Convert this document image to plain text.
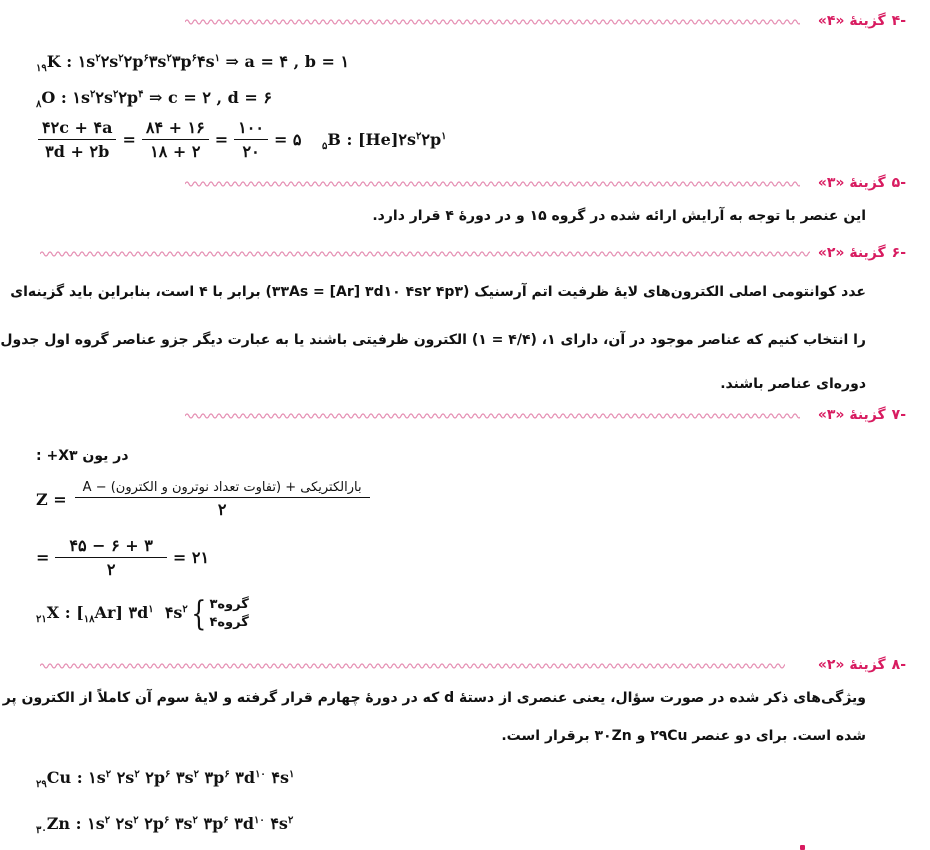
-۴
گزینهٔ «۴»
$_{۱۹}$K : $۱s^۲۲s^۲۲p^۶۳s^۲۳p^۶۴s^۱$ ⇒ a = ۴ , b = ۱
$_۸$O : $۱s^۲۲s^۲۲p^۴$ ⇒ c = ۲ , d = ۶
$\frac{۴۲c + ۴a}{۳d + ۲b} = \frac{۸۴ + ۱۶}{۱۸ + ۲} = \frac{۱۰۰}{۲۰}$ = ۵ $_۵$B : $[He]۲s^۲۲p^۱$
-۵
گزینهٔ «۳»
این عنصر با توجه به آرایش ارائه شده در گروه ۱۵ و در دورهٔ ۴ قرار دارد.
-۶
گزینهٔ «۲»
عدد کوانتومی اصلی الکترون‌های لایهٔ ظرفیت اتم آرسنیک (۳۳As = [Ar] ۳d۱۰ ۴s۲ ۴p۳) برابر با ۴ است، بنابراین باید گزینه‌ای
را انتخاب کنیم که عناصر موجود در آن، دارای ۱، (۴/۴ = ۱) الکترون ظرفیتی باشند یا به عبارت دیگر جزو عناصر گروه اول جدول
دوره‌ای عناصر باشند.
-۷
گزینهٔ «۳»
در یون X۳+ :
$Z = \frac{\text{بارالکتریکی + (تفاوت تعداد نوترون و الکترون) − A}}{۲}$
= $\frac{۴۵ - ۶ + ۳}{۲}$ = ۲۱
$_{۲۱}$X : $[_{۱۸}Ar]$ $۳d^۱$  $۴s^۲$ { گروه۳
گروه۴
-۸
گزینهٔ «۲»
ویژگی‌های ذکر شده در صورت سؤال، یعنی عنصری از دستهٔ d که در دورهٔ چهارم قرار گرفته و لایهٔ سوم آن کاملاً از الکترون پر
شده است. برای دو عنصر ۲۹Cu و ۳۰Zn برقرار است.
$_{۲۹}$Cu : $۱s^۲$ $۲s^۲$ $۲p^۶$ $۳s^۲$ $۳p^۶$ $۳d^{۱۰}$ $۴s^۱$
$_{۳۰}$Zn : $۱s^۲$ $۲s^۲$ $۲p^۶$ $۳s^۲$ $۳p^۶$ $۳d^{۱۰}$ $۴s^۲$
